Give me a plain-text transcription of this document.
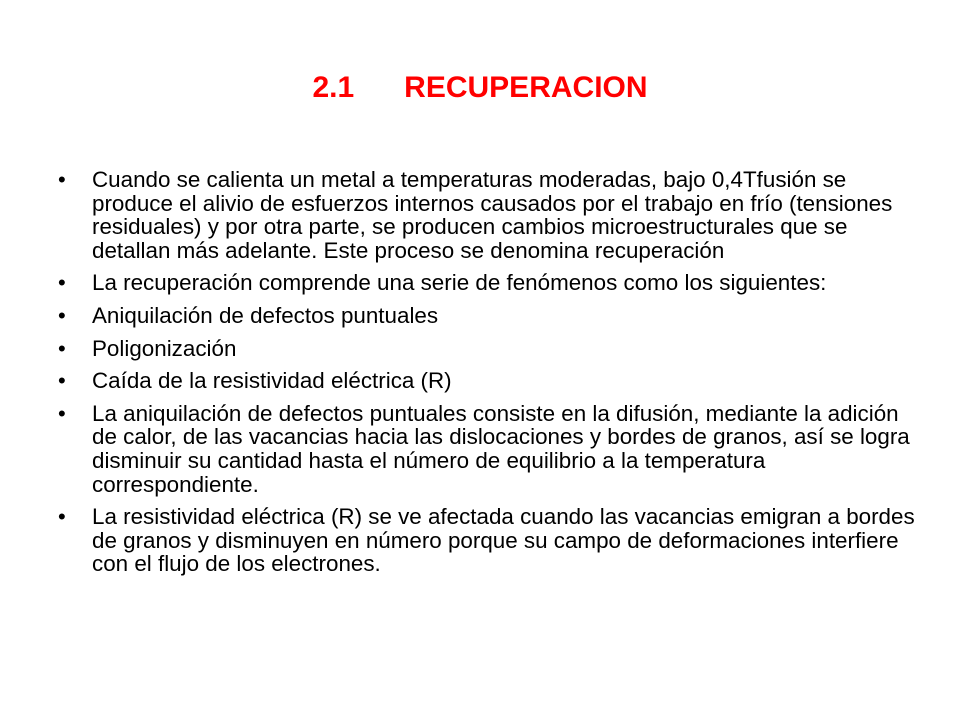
2.1 RECUPERACION
•	Cuando se calienta un metal a temperaturas moderadas, bajo 0,4Tfusión se produce el alivio de esfuerzos internos causados por el trabajo en frío (tensiones residuales) y por otra parte, se producen cambios microestructurales que se detallan más adelante. Este proceso se denomina recuperación
•	La recuperación comprende una serie de fenómenos como los siguientes:
•	Aniquilación de defectos puntuales
•	Poligonización
•	Caída de la resistividad eléctrica (R)
•	La aniquilación de defectos puntuales consiste en la difusión, mediante la adición de calor, de las vacancias hacia las dislocaciones y bordes de granos, así se logra disminuir su cantidad hasta el número de equilibrio a la temperatura correspondiente.
•	La resistividad eléctrica (R) se ve afectada cuando las vacancias emigran a bordes de granos y disminuyen en número porque su campo de deformaciones interfiere con el flujo de los electrones.
